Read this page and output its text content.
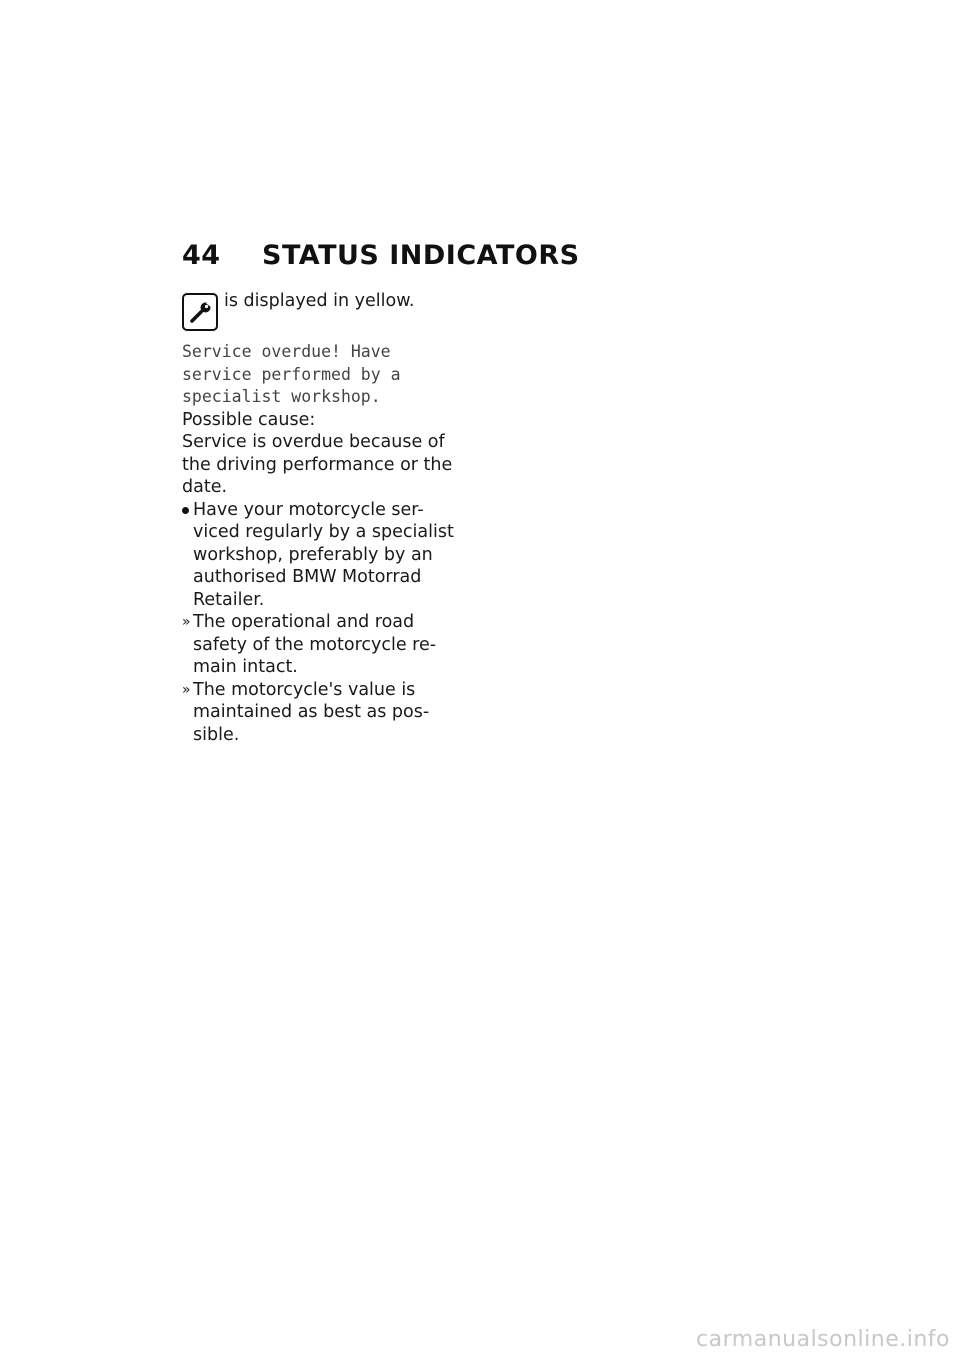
44	STATUS INDICATORS
is displayed in yellow.
Service overdue! Have
service performed by a
specialist workshop.
Possible cause:
Service is overdue because of
the driving performance or the
date.
Have your motorcycle ser-
viced regularly by a specialist
workshop, preferably by an
authorised BMW Motorrad
Retailer.
» The operational and road
safety of the motorcycle re-
main intact.
» The motorcycle's value is
maintained as best as pos-
sible.
carmanualsonline.info
